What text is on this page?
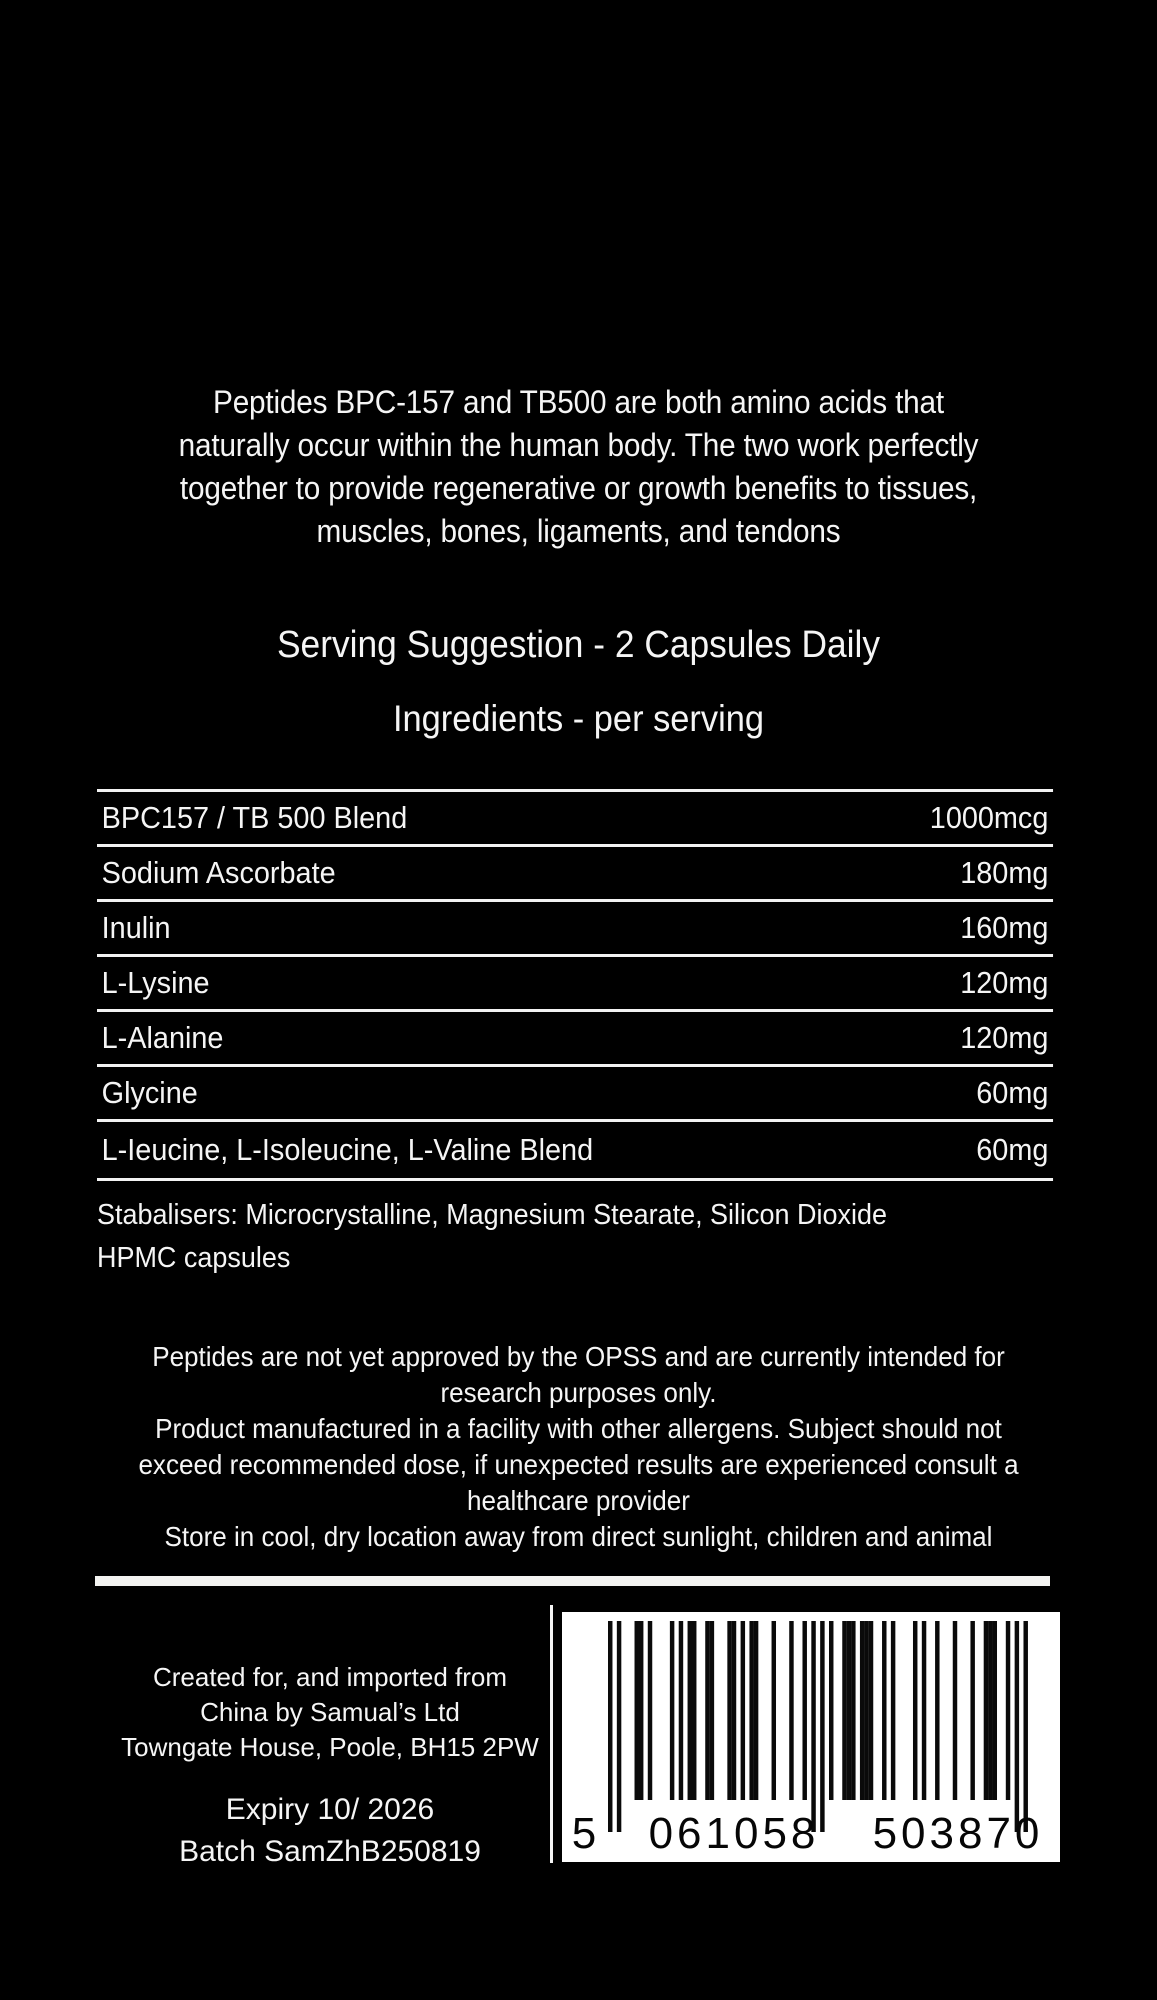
Peptides BPC-157 and TB500 are both amino acids that
naturally occur within the human body. The two work perfectly
together to provide regenerative or growth benefits to tissues,
muscles, bones, ligaments, and tendons
Serving Suggestion - 2 Capsules Daily
Ingredients - per serving
BPC157 / TB 500 Blend	1000mcg
Sodium Ascorbate	180mg
Inulin	160mg
L-Lysine	120mg
L-Alanine	120mg
Glycine	60mg
L-Ieucine, L-Isoleucine, L-Valine Blend	60mg
Stabalisers: Microcrystalline, Magnesium Stearate, Silicon Dioxide
HPMC capsules
Peptides are not yet approved by the OPSS and are currently intended for
research purposes only.
Product manufactured in a facility with other allergens. Subject should not
exceed recommended dose, if unexpected results are experienced consult a
healthcare provider
Store in cool, dry location away from direct sunlight, children and animal
Created for, and imported from
China by Samual’s Ltd
Towngate House, Poole, BH15 2PW
Expiry 10/ 2026
Batch SamZhB250819	5 061058 503870
